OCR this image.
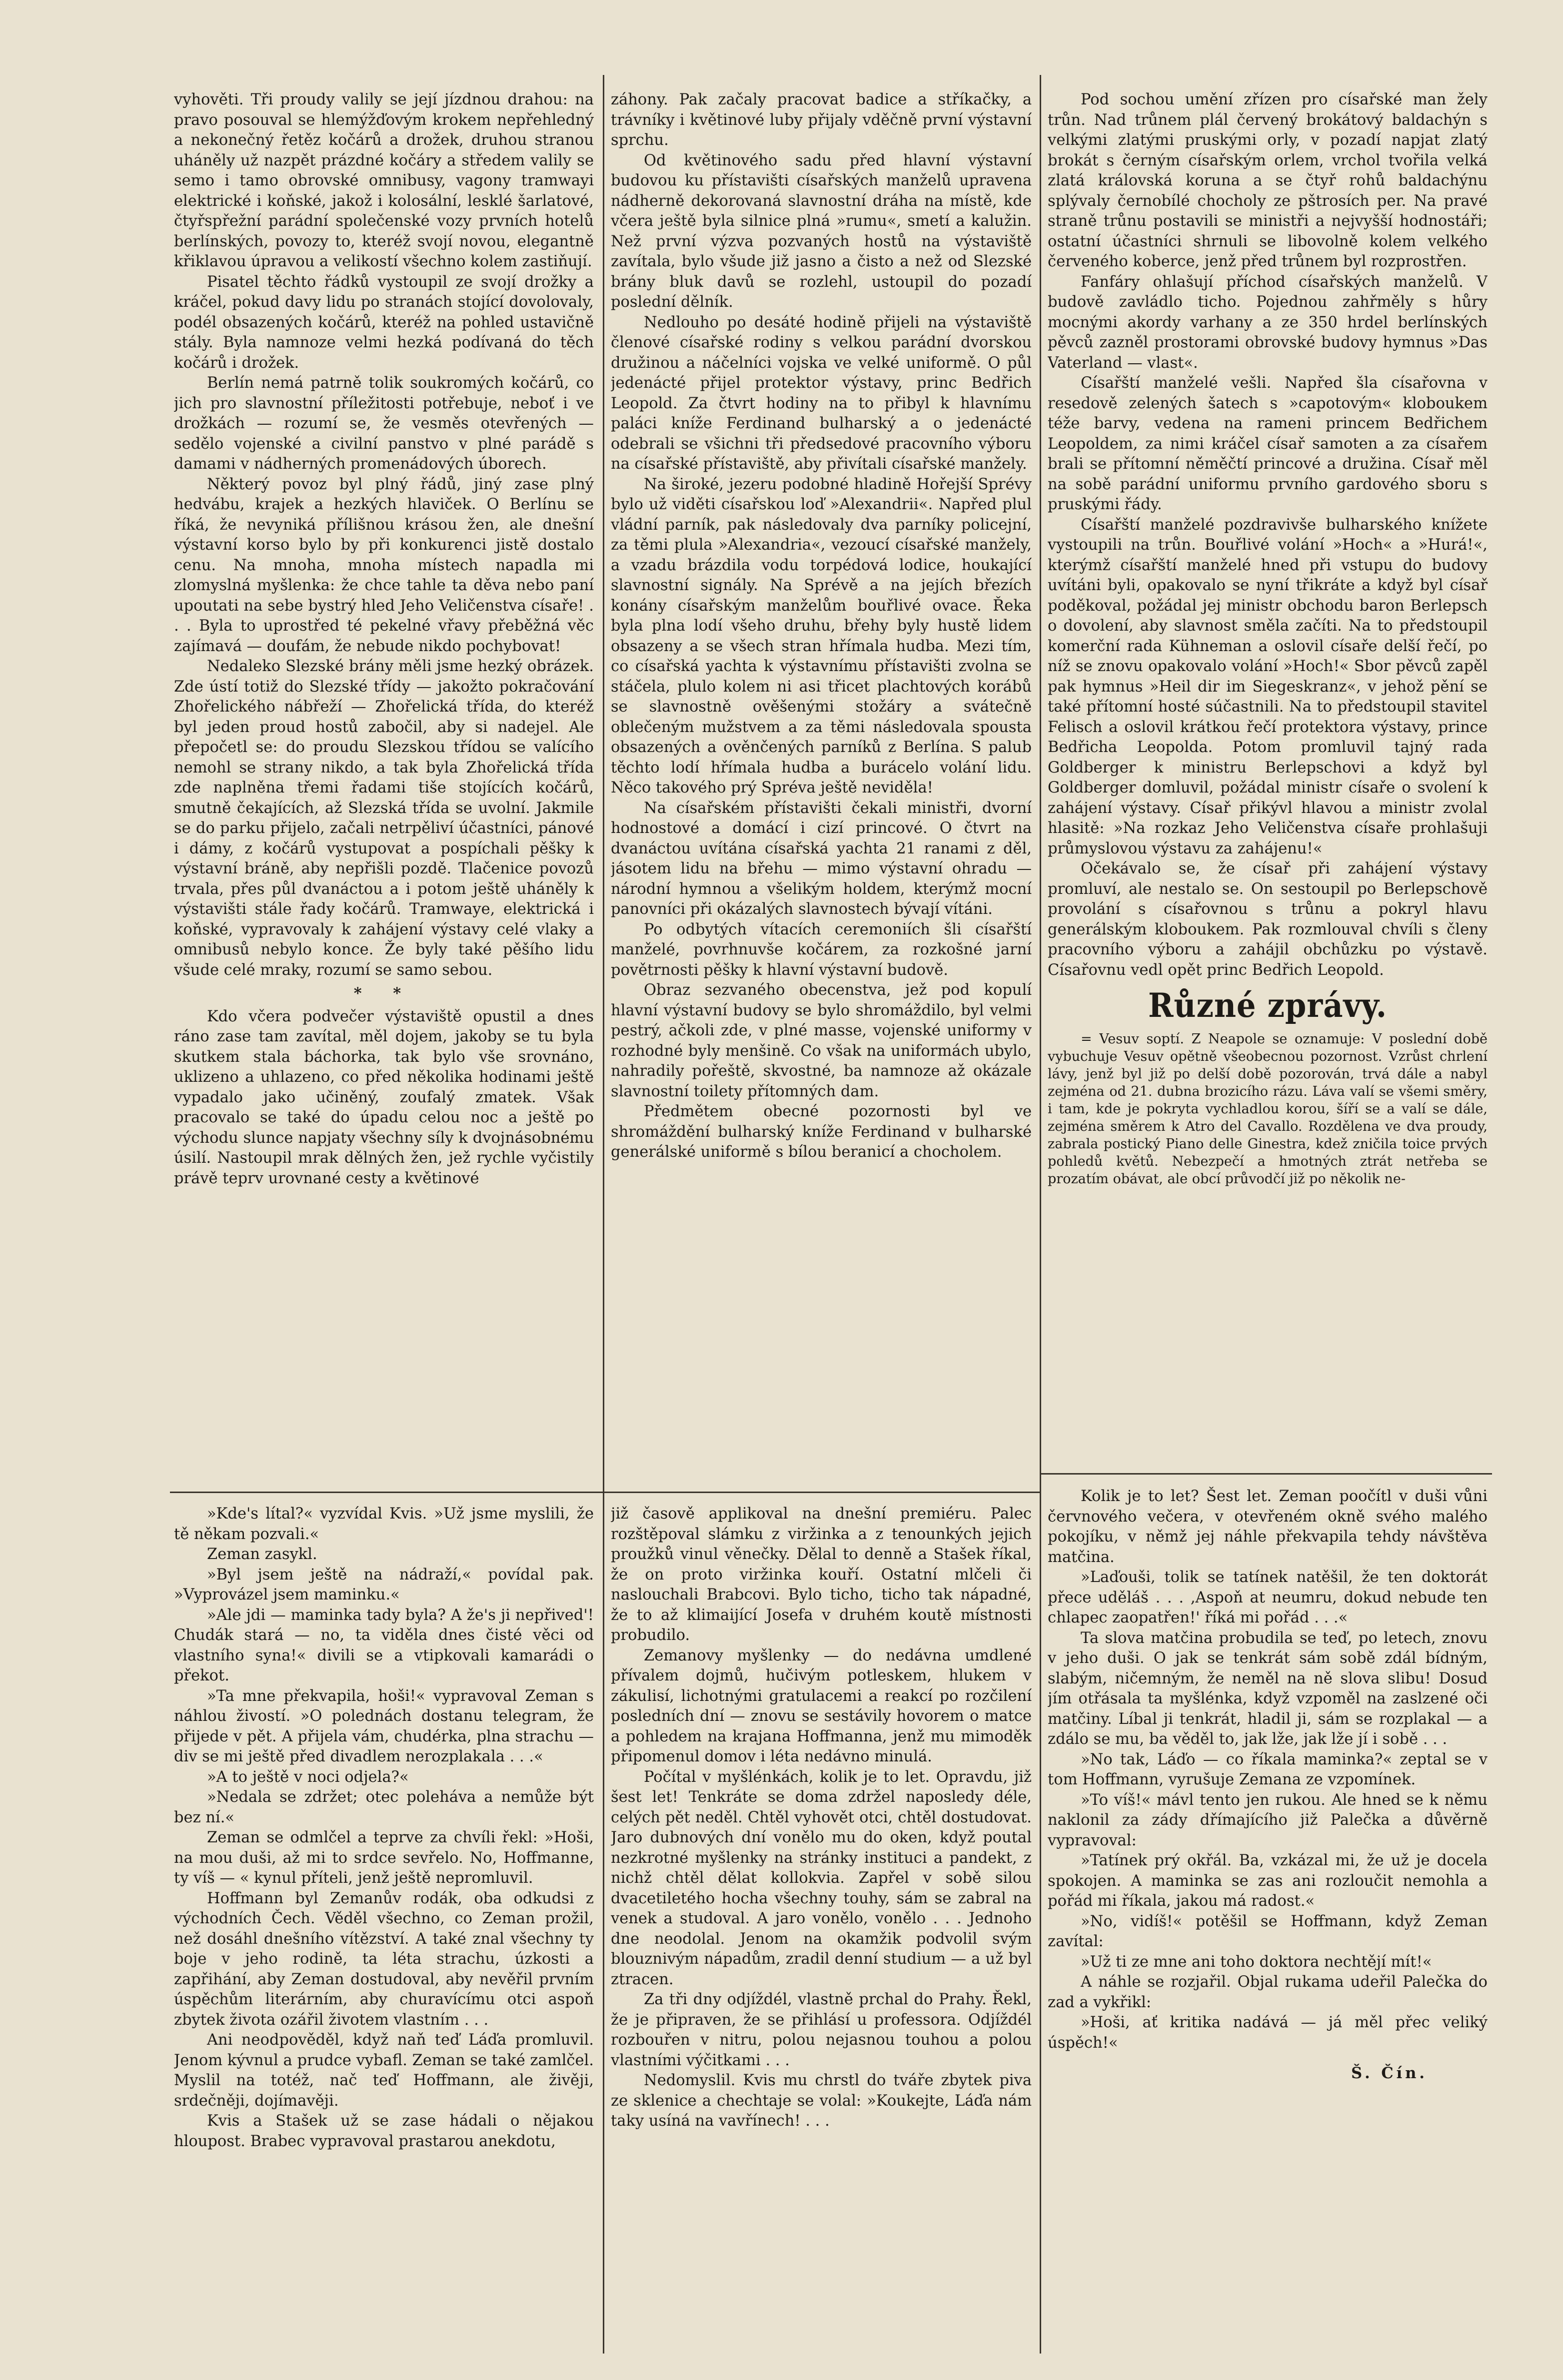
vyhověti. Tři proudy valily se její jízdnou drahou: na pravo posouval se hlemýžďovým krokem nepřehledný a nekonečný řetěz kočárů a drožek, druhou stranou uháněly už nazpět prázdné kočáry a středem valily se semo i tamo obrovské omnibusy, vagony tramwayi elektrické i koňské, jakož i kolosální, lesklé šarlatové, čtyřspřežní parádní společenské vozy prvních hotelů berlínských, povozy to, kteréž svojí novou, elegantně křiklavou úpravou a velikostí všechno kolem zastiňují.

Pisatel těchto řádků vystoupil ze svojí drožky a kráčel, pokud davy lidu po stranách stojící dovolovaly, podél obsazených kočárů, kteréž na pohled ustavičně stály. Byla namnoze velmi hezká podívaná do těch kočárů i drožek.

Berlín nemá patrně tolik soukromých kočárů, co jich pro slavnostní příležitosti potřebuje, neboť i ve drožkách — rozumí se, že vesměs otevřených — sedělo vojenské a civilní panstvo v plné parádě s damami v nádherných promenádových úborech.

Některý povoz byl plný řádů, jiný zase plný hedvábu, krajek a hezkých hlaviček. O Berlínu se říká, že nevyniká přílišnou krásou žen, ale dnešní výstavní korso bylo by při konkurenci jistě dostalo cenu. Na mnoha, mnoha místech napadla mi zlomyslná myšlenka: že chce tahle ta děva nebo paní upoutati na sebe bystrý hled Jeho Veličenstva císaře! . . . Byla to uprostřed té pekelné vřavy přeběžná věc zajímavá — doufám, že nebude nikdo pochybovat!

Nedaleko Slezské brány měli jsme hezký obrázek. Zde ústí totiž do Slezské třídy — jakožto pokračování Zhořelického nábřeží — Zhořelická třída, do kteréž byl jeden proud hostů zabočil, aby si nadejel. Ale přepočetl se: do proudu Slezskou třídou se valícího nemohl se strany nikdo, a tak byla Zhořelická třída zde naplněna třemi řadami tiše stojících kočárů, smutně čekajících, až Slezská třída se uvolní. Jakmile se do parku přijelo, začali netrpěliví účastníci, pánové i dámy, z kočárů vystupovat a pospíchali pěšky k výstavní bráně, aby nepřišli pozdě. Tlačenice povozů trvala, přes půl dvanáctou a i potom ještě uháněly k výstavišti stále řady kočárů. Tramwaye, elektrická i koňské, vypravovaly k zahájení výstavy celé vlaky a omnibusů nebylo konce. Že byly také pěšího lidu všude celé mraky, rozumí se samo sebou.

* *

Kdo včera podvečer výstaviště opustil a dnes ráno zase tam zavítal, měl dojem, jakoby se tu byla skutkem stala báchorka, tak bylo vše srovnáno, uklizeno a uhlazeno, co před několika hodinami ještě vypadalo jako učiněný, zoufalý zmatek. Však pracovalo se také do úpadu celou noc a ještě po východu slunce napjaty všechny síly k dvojnásobnému úsilí. Nastoupil mrak dělných žen, jež rychle vyčistily právě teprv urovnané cesty a květinové

záhony. Pak začaly pracovat badice a stříkačky, a trávníky i květinové luby přijaly vděčně první výstavní sprchu.

Od květinového sadu před hlavní výstavní budovou ku přístavišti císařských manželů upravena nádherně dekorovaná slavnostní dráha na místě, kde včera ještě byla silnice plná »rumu«, smetí a kalužin. Než první výzva pozvaných hostů na výstaviště zavítala, bylo všude již jasno a čisto a než od Slezské brány bluk davů se rozlehl, ustoupil do pozadí poslední dělník.

Nedlouho po desáté hodině přijeli na výstaviště členové císařské rodiny s velkou parádní dvorskou družinou a náčelníci vojska ve velké uniformě. O půl jedenácté přijel protektor výstavy, princ Bedřich Leopold. Za čtvrt hodiny na to přibyl k hlavnímu paláci kníže Ferdinand bulharský a o jedenácté odebrali se všichni tři předsedové pracovního výboru na císařské přístaviště, aby přivítali císařské manžely.

Na široké, jezeru podobné hladině Hořejší Sprévy bylo už viděti císařskou loď »Alexandrii«. Napřed plul vládní parník, pak následovaly dva parníky policejní, za těmi plula »Alexandria«, vezoucí císařské manžely, a vzadu brázdila vodu torpédová lodice, houkající slavnostní signály. Na Sprévě a na jejích březích konány císařským manželům bouřlivé ovace. Řeka byla plna lodí všeho druhu, břehy byly hustě lidem obsazeny a se všech stran hřímala hudba. Mezi tím, co císařská yachta k výstavnímu přístavišti zvolna se stáčela, plulo kolem ni asi třicet plachtových korábů se slavnostně ověšenými stožáry a svátečně oblečeným mužstvem a za těmi následovala spousta obsazených a ověnčených parníků z Berlína. S palub těchto lodí hřímala hudba a burácelo volání lidu. Něco takového prý Spréva ještě neviděla!

Na císařském přístavišti čekali ministři, dvorní hodnostové a domácí i cizí princové. O čtvrt na dvanáctou uvítána císařská yachta 21 ranami z děl, jásotem lidu na břehu — mimo výstavní ohradu — národní hymnou a všelikým holdem, kterýmž mocní panovníci při okázalých slavnostech bývají vítáni.

Po odbytých vítacích ceremoniích šli císařští manželé, povrhnuvše kočárem, za rozkošné jarní povětrnosti pěšky k hlavní výstavní budově.

Obraz sezvaného obecenstva, jež pod kopulí hlavní výstavní budovy se bylo shromáždilo, byl velmi pestrý, ačkoli zde, v plné masse, vojenské uniformy v rozhodné byly menšině. Co však na uniformách ubylo, nahradily pořeště, skvostné, ba namnoze až okázale slavnostní toilety přítomných dam.

Předmětem obecné pozornosti byl ve shromáždění bulharský kníže Ferdinand v bulharské generálské uniformě s bílou beranicí a chocholem.

Pod sochou umění zřízen pro císařské man žely trůn. Nad trůnem plál červený brokátový baldachýn s velkými zlatými pruskými orly, v pozadí napjat zlatý brokát s černým císařským orlem, vrchol tvořila velká zlatá královská koruna a se čtyř rohů baldachýnu splývaly černobílé chocholy ze pštrosích per. Na pravé straně trůnu postavili se ministři a nejvyšší hodnostáři; ostatní účastníci shrnuli se libovolně kolem velkého červeného koberce, jenž před trůnem byl rozprostřen.

Fanfáry ohlašují příchod císařských manželů. V budově zavládlo ticho. Pojednou zahřměly s hůry mocnými akordy varhany a ze 350 hrdel berlínských pěvců zazněl prostorami obrovské budovy hymnus »Das Vaterland — vlast«.

Císařští manželé vešli. Napřed šla císařovna v resedově zelených šatech s »capotovým« kloboukem téže barvy, vedena na rameni princem Bedřichem Leopoldem, za nimi kráčel císař samoten a za císařem brali se přítomní něměčtí princové a družina. Císař měl na sobě parádní uniformu prvního gardového sboru s pruskými řády.

Císařští manželé pozdravivše bulharského knížete vystoupili na trůn. Bouřlivé volání »Hoch« a »Hurá!«, kterýmž císařští manželé hned při vstupu do budovy uvítáni byli, opakovalo se nyní třikráte a když byl císař poděkoval, požádal jej ministr obchodu baron Berlepsch o dovolení, aby slavnost směla začíti. Na to předstoupil komerční rada Kühneman a oslovil císaře delší řečí, po níž se znovu opakovalo volání »Hoch!« Sbor pěvců zapěl pak hymnus »Heil dir im Siegeskranz«, v jehož pění se také přítomní hosté súčastnili. Na to předstoupil stavitel Felisch a oslovil krátkou řečí protektora výstavy, prince Bedřicha Leopolda. Potom promluvil tajný rada Goldberger k ministru Berlepschovi a když byl Goldberger domluvil, požádal ministr císaře o svolení k zahájení výstavy. Císař přikývl hlavou a ministr zvolal hlasitě: »Na rozkaz Jeho Veličenstva císaře prohlašuji průmyslovou výstavu za zahájenu!«

Očekávalo se, že císař při zahájení výstavy promluví, ale nestalo se. On sestoupil po Berlepschově provolání s císařovnou s trůnu a pokryl hlavu generálským kloboukem. Pak rozmlouval chvíli s členy pracovního výboru a zahájil obchůzku po výstavě. Císařovnu vedl opět princ Bedřich Leopold.

Různé zprávy.

= Vesuv soptí. Z Neapole se oznamuje: V poslední době vybuchuje Vesuv opětně všeobecnou pozornost. Vzrůst chrlení lávy, jenž byl již po delší době pozorován, trvá dále a nabyl zejména od 21. dubna brozicího rázu. Láva valí se všemi směry, i tam, kde je pokryta vychladlou korou, šíří se a valí se dále, zejména směrem k Atro del Cavallo. Rozdělena ve dva proudy, zabrala postický Piano delle Ginestra, kdež zničila toice prvých pohledů květů. Nebezpečí a hmotných ztrát netřeba se prozatím obávat, ale obcí průvodčí již po několik ne-

»Kde's lítal?« vyzvídal Kvis. »Už jsme myslili, že tě někam pozvali.«

Zeman zasykl.

»Byl jsem ještě na nádraží,« povídal pak. »Vyprovázel jsem maminku.«

»Ale jdi — maminka tady byla? A že's ji nepřived'! Chudák stará — no, ta viděla dnes čisté věci od vlastního syna!« divili se a vtipkovali kamarádi o překot.

»Ta mne překvapila, hoši!« vypravoval Zeman s náhlou živostí. »O polednách dostanu telegram, že přijede v pět. A přijela vám, chudérka, plna strachu — div se mi ještě před divadlem nerozplakala . . .«

»A to ještě v noci odjela?«

»Nedala se zdržet; otec poleháva a nemůže být bez ní.«

Zeman se odmlčel a teprve za chvíli řekl: »Hoši, na mou duši, až mi to srdce sevřelo. No, Hoffmanne, ty víš — « kynul příteli, jenž ještě nepromluvil.

Hoffmann byl Zemanův rodák, oba odkudsi z východních Čech. Věděl všechno, co Zeman prožil, než dosáhl dnešního vítězství. A také znal všechny ty boje v jeho rodině, ta léta strachu, úzkosti a zapřihání, aby Zeman dostudoval, aby nevěřil prvním úspěchům literárním, aby churavícímu otci aspoň zbytek života ozářil životem vlastním . . .

Ani neodpověděl, když naň teď Láďa promluvil. Jenom kývnul a prudce vybafl. Zeman se také zamlčel. Myslil na totéž, nač teď Hoffmann, ale živěji, srdečněji, dojímavěji.

Kvis a Stašek už se zase hádali o nějakou hloupost. Brabec vypravoval prastarou anekdotu,

již časově applikoval na dnešní premiéru. Palec rozštěpoval slámku z viržinka a z tenounkých jejich proužků vinul věnečky. Dělal to denně a Stašek říkal, že on proto viržinka kouří. Ostatní mlčeli či naslouchali Brabcovi. Bylo ticho, ticho tak nápadné, že to až klimaijící Josefa v druhém koutě místnosti probudilo.

Zemanovy myšlenky — do nedávna umdlené přívalem dojmů, hučivým potleskem, hlukem v zákulisí, lichotnými gratulacemi a reakcí po rozčilení posledních dní — znovu se sestávily hovorem o matce a pohledem na krajana Hoffmanna, jenž mu mimoděk připomenul domov i léta nedávno minulá.

Počítal v myšlénkách, kolik je to let. Opravdu, již šest let! Tenkráte se doma zdržel naposledy déle, celých pět neděl. Chtěl vyhovět otci, chtěl dostudovat. Jaro dubnových dní vonělo mu do oken, když poutal nezkrotné myšlenky na stránky instituci a pandekt, z nichž chtěl dělat kollokvia. Zapřel v sobě silou dvacetiletého hocha všechny touhy, sám se zabral na venek a studoval. A jaro vonělo, vonělo . . . Jednoho dne neodolal. Jenom na okamžik podvolil svým blouznivým nápadům, zradil denní studium — a už byl ztracen.

Za tři dny odjíždél, vlastně prchal do Prahy. Řekl, že je připraven, že se přihlásí u professora. Odjíždél rozbouřen v nitru, polou nejasnou touhou a polou vlastními výčitkami . . .

Nedomyslil. Kvis mu chrstl do tváře zbytek piva ze sklenice a chechtaje se volal: »Koukejte, Láďa nám taky usíná na vavřínech! . . .

Kolik je to let? Šest let. Zeman poočítl v duši vůni červnového večera, v otevřeném okně svého malého pokojíku, v němž jej náhle překvapila tehdy návštěva matčina.

»Laďouši, tolik se tatínek natěšil, že ten doktorát přece uděláš . . . ,Aspoň at neumru, dokud nebude ten chlapec zaopatřen!' říká mi pořád . . .«

Ta slova matčina probudila se teď, po letech, znovu v jeho duši. O jak se tenkrát sám sobě zdál bídným, slabým, ničemným, že neměl na ně slova slibu! Dosud jím otřásala ta myšlénka, když vzpoměl na zaslzené oči matčiny. Líbal ji tenkrát, hladil ji, sám se rozplakal — a zdálo se mu, ba věděl to, jak lže, jak lže jí i sobě . . .

»No tak, Láďo — co říkala maminka?« zeptal se v tom Hoffmann, vyrušuje Zemana ze vzpomínek.

»To víš!« mávl tento jen rukou. Ale hned se k němu naklonil za zády dřímajícího již Palečka a důvěrně vypravoval:

»Tatínek prý okřál. Ba, vzkázal mi, že už je docela spokojen. A maminka se zas ani rozloučit nemohla a pořád mi říkala, jakou má radost.«

»No, vidíš!« potěšil se Hoffmann, když Zeman zavítal:

»Už ti ze mne ani toho doktora nechtějí mít!«

A náhle se rozjařil. Objal rukama udeřil Palečka do zad a vykřikl:

»Hoši, ať kritika nadává — já měl přec veliký úspěch!«

Š. Čín.
